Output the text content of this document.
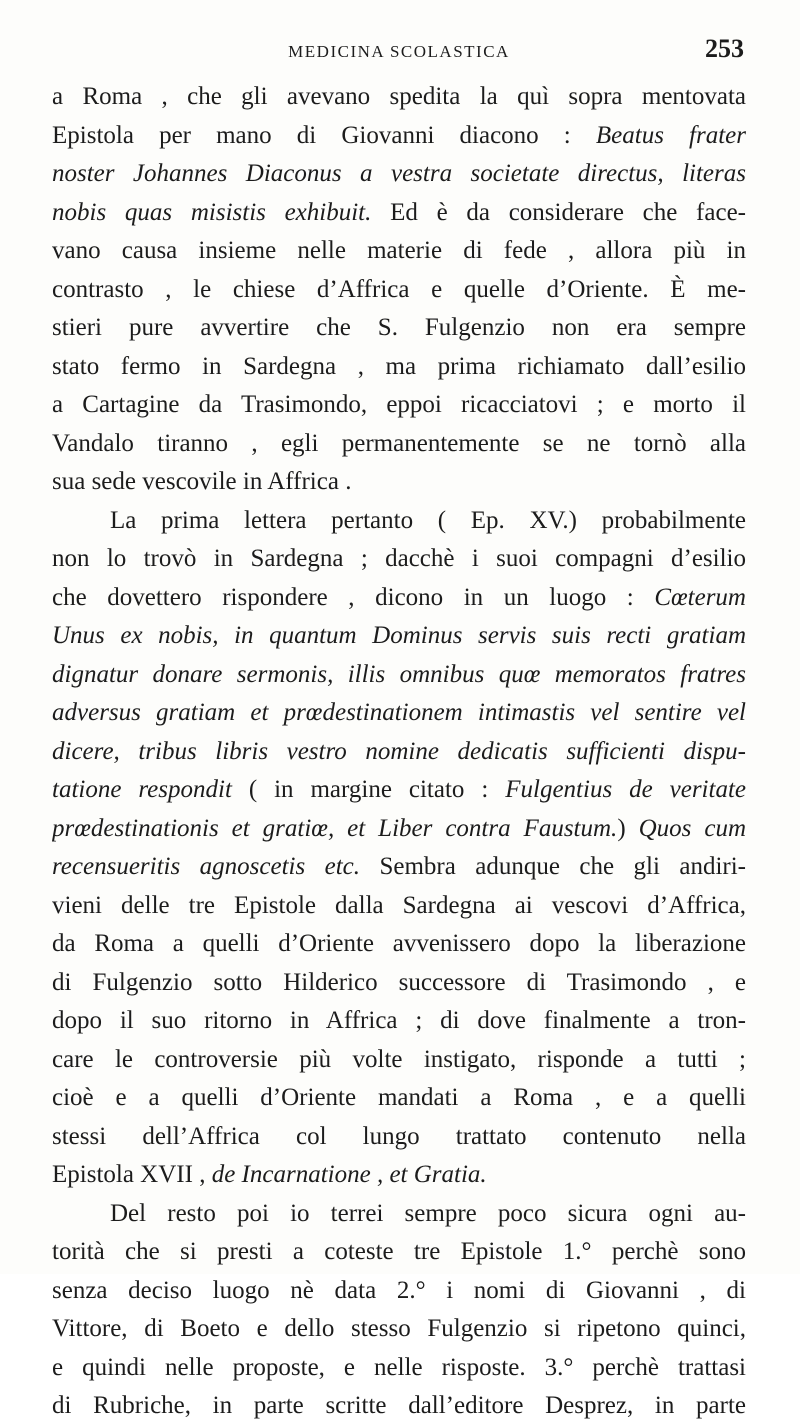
MEDICINA SCOLASTICA	253
a Roma , che gli avevano spedita la quì sopra mentovata
Epistola per mano di Giovanni diacono : Beatus frater
noster Johannes Diaconus a vestra societate directus, literas
nobis quas misistis exhibuit. Ed è da considerare che face-
vano causa insieme nelle materie di fede , allora più in
contrasto , le chiese d’Affrica e quelle d’Oriente. È me-
stieri pure avvertire che S. Fulgenzio non era sempre
stato fermo in Sardegna , ma prima richiamato dall’esilio
a Cartagine da Trasimondo, eppoi ricacciatovi ; e morto il
Vandalo tiranno , egli permanentemente se ne tornò alla
sua sede vescovile in Affrica .
La prima lettera pertanto ( Ep. XV.) probabilmente
non lo trovò in Sardegna ; dacchè i suoi compagni d’esilio
che dovettero rispondere , dicono in un luogo : Cœterum
Unus ex nobis, in quantum Dominus servis suis recti gratiam
dignatur donare sermonis, illis omnibus quœ memoratos fratres
adversus gratiam et prœdestinationem intimastis vel sentire vel
dicere, tribus libris vestro nomine dedicatis sufficienti dispu-
tatione respondit ( in margine citato : Fulgentius de veritate
prœdestinationis et gratiœ, et Liber contra Faustum.) Quos cum
recensueritis agnoscetis etc. Sembra adunque che gli andiri-
vieni delle tre Epistole dalla Sardegna ai vescovi d’Affrica,
da Roma a quelli d’Oriente avvenissero dopo la liberazione
di Fulgenzio sotto Hilderico successore di Trasimondo , e
dopo il suo ritorno in Affrica ; di dove finalmente a tron-
care le controversie più volte instigato, risponde a tutti ;
cioè e a quelli d’Oriente mandati a Roma , e a quelli
stessi dell’Affrica col lungo trattato contenuto nella
Epistola XVII , de Incarnatione , et Gratia.
Del resto poi io terrei sempre poco sicura ogni au-
torità che si presti a coteste tre Epistole 1.° perchè sono
senza deciso luogo nè data 2.° i nomi di Giovanni , di
Vittore, di Boeto e dello stesso Fulgenzio si ripetono quinci,
e quindi nelle proposte, e nelle risposte. 3.° perchè trattasi
di Rubriche, in parte scritte dall’editore Desprez, in parte
